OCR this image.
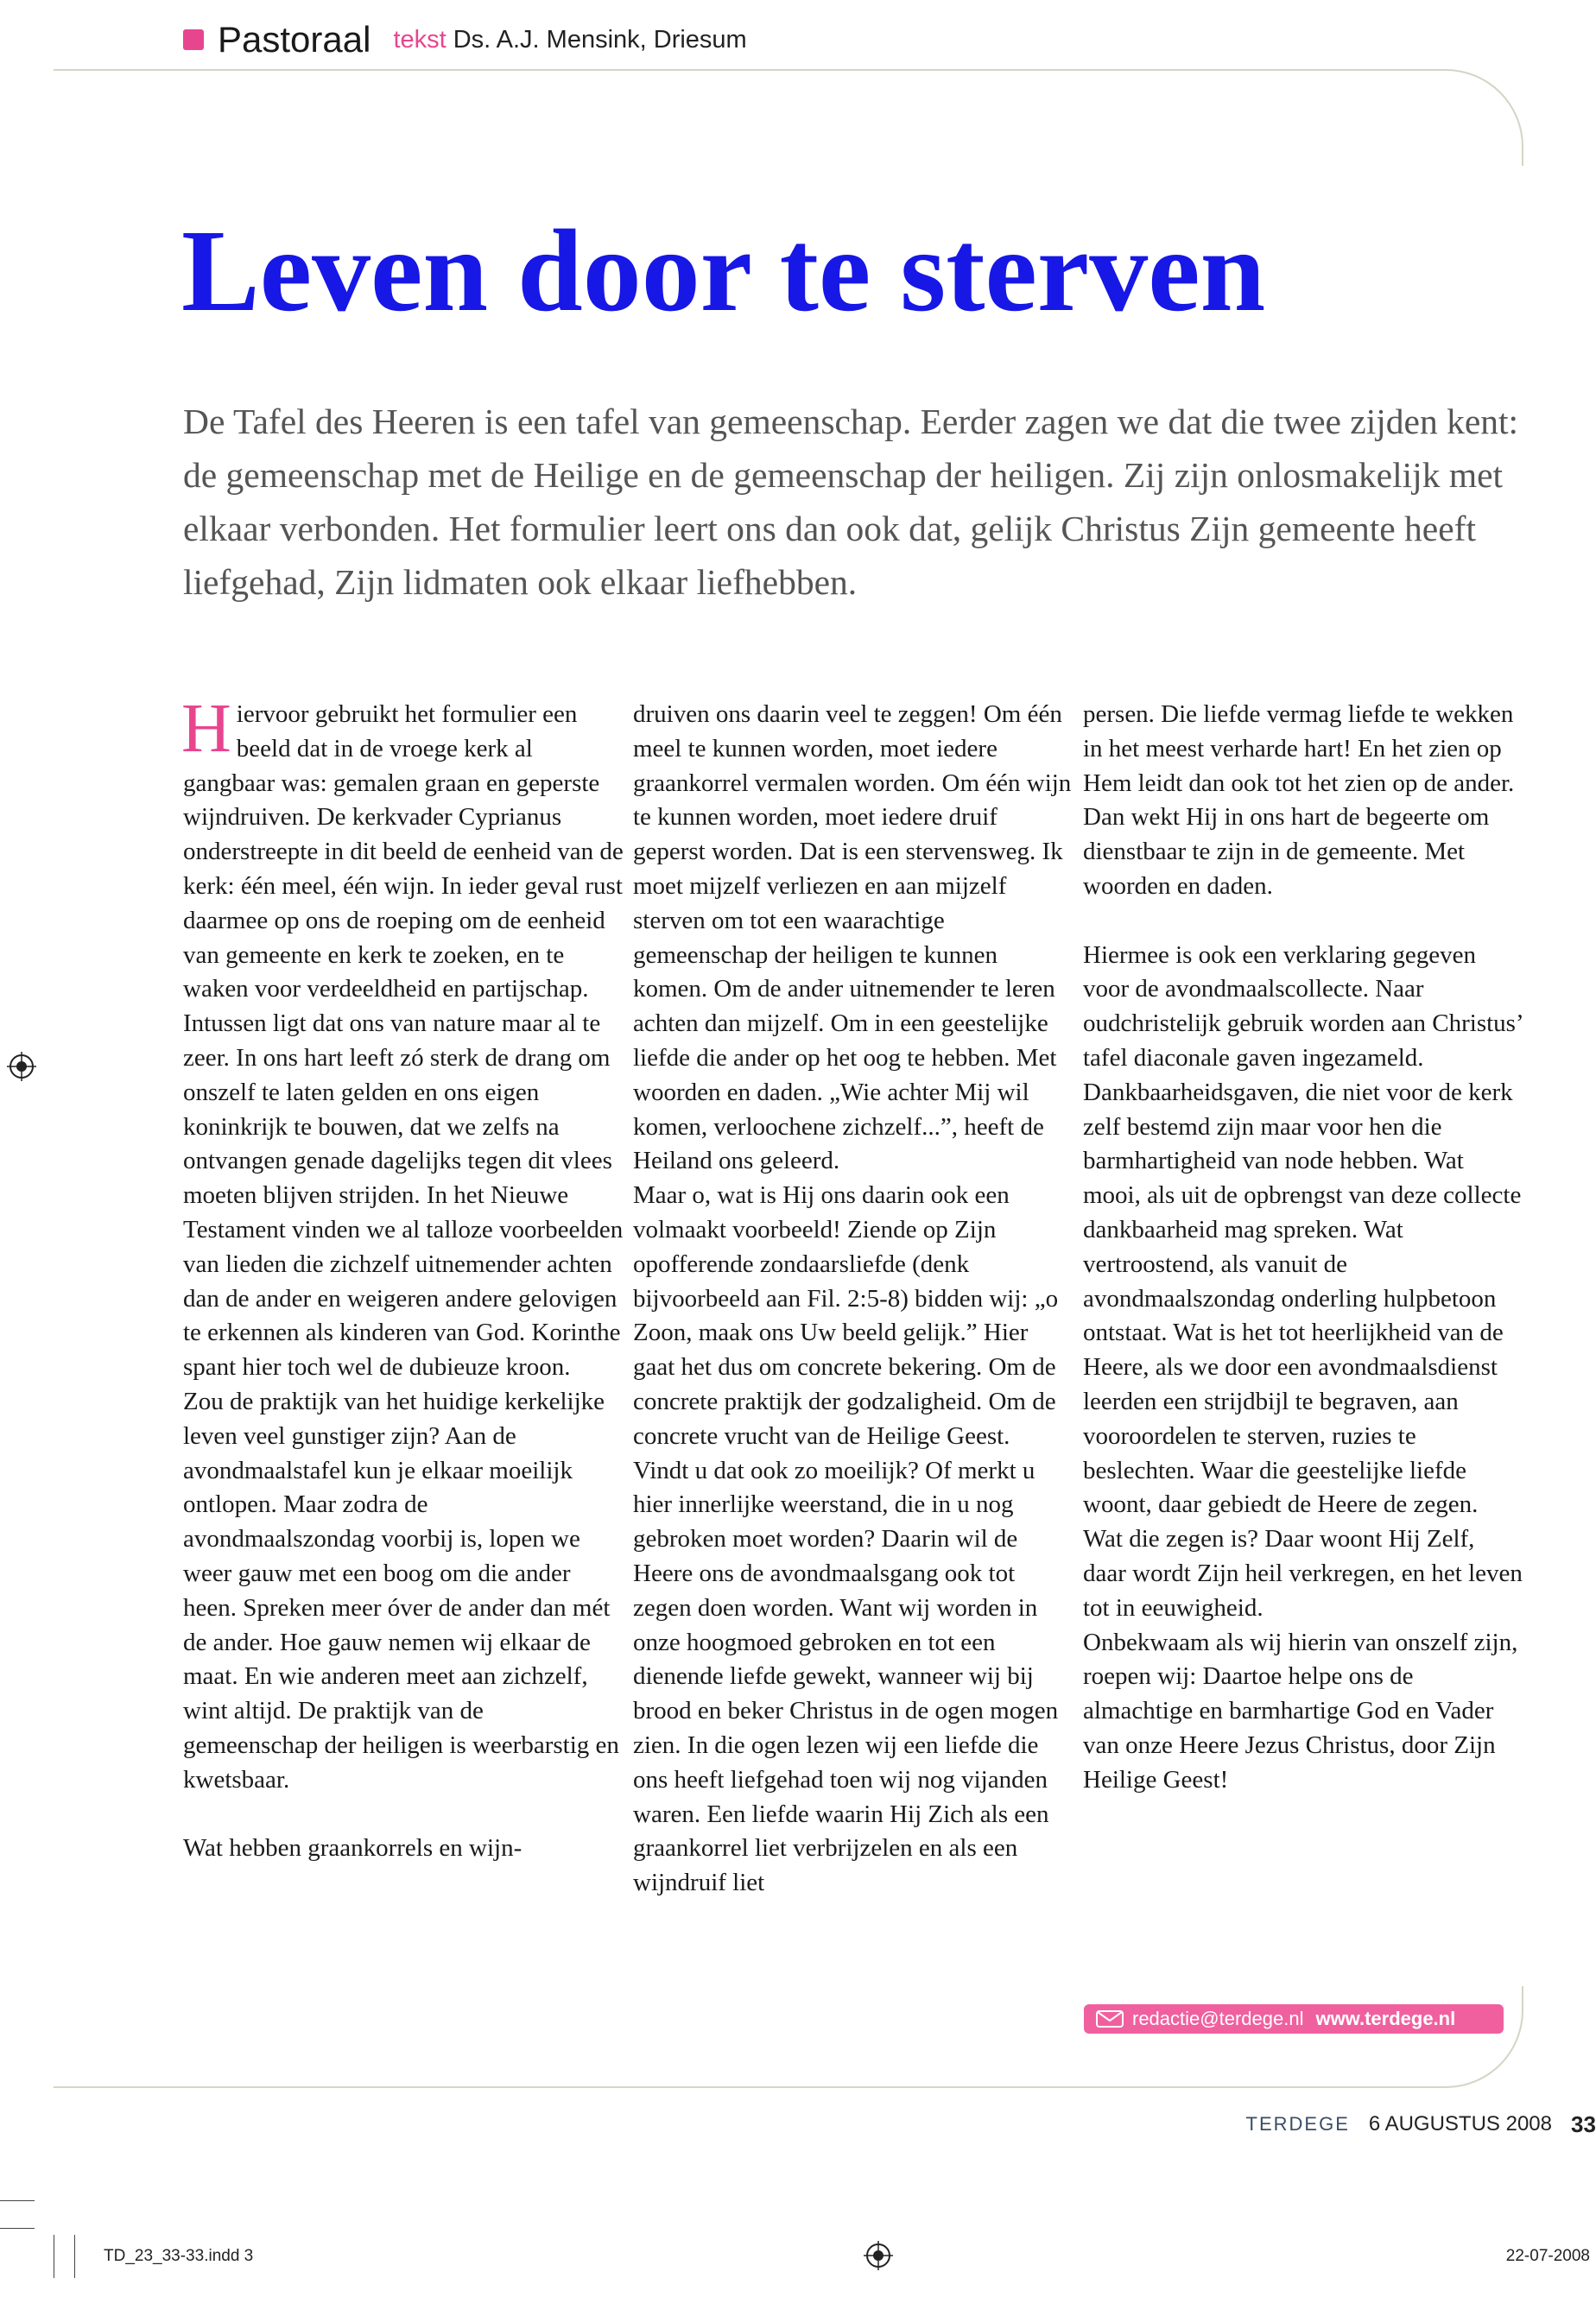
Pastoraal tekst Ds. A.J. Mensink, Driesum
Leven door te sterven

De Tafel des Heeren is een tafel van gemeenschap. Eerder zagen we dat die twee zijden kent: de gemeenschap met de Heilige en de gemeenschap der heiligen. Zij zijn onlosmakelijk met elkaar verbonden. Het formulier leert ons dan ook dat, gelijk Christus Zijn gemeente heeft liefgehad, Zijn lidmaten ook elkaar liefhebben.

Hiervoor gebruikt het formulier een beeld dat in de vroege kerk al gangbaar was: gemalen graan en geperste wijndruiven. De kerkvader Cyprianus onderstreepte in dit beeld de eenheid van de kerk: één meel, één wijn. In ieder geval rust daarmee op ons de roeping om de eenheid van gemeente en kerk te zoeken, en te waken voor verdeeldheid en partijschap.

Intussen ligt dat ons van nature maar al te zeer. In ons hart leeft zó sterk de drang om onszelf te laten gelden en ons eigen koninkrijk te bouwen, dat we zelfs na ontvangen genade dagelijks tegen dit vlees moeten blijven strijden. In het Nieuwe Testament vinden we al talloze voorbeelden van lieden die zichzelf uitnemender achten dan de ander en weigeren andere gelovigen te erkennen als kinderen van God. Korinthe spant hier toch wel de dubieuze kroon.

Zou de praktijk van het huidige kerkelijke leven veel gunstiger zijn? Aan de avondmaalstafel kun je elkaar moeilijk ontlopen. Maar zodra de avondmaalszondag voorbij is, lopen we weer gauw met een boog om die ander heen. Spreken meer óver de ander dan mét de ander. Hoe gauw nemen wij elkaar de maat. En wie anderen meet aan zichzelf, wint altijd. De praktijk van de gemeenschap der heiligen is weerbarstig en kwetsbaar.

Wat hebben graankorrels en wijn-

druiven ons daarin veel te zeggen! Om één meel te kunnen worden, moet iedere graankorrel vermalen worden. Om één wijn te kunnen worden, moet iedere druif geperst worden. Dat is een stervensweg. Ik moet mijzelf verliezen en aan mijzelf sterven om tot een waarachtige gemeenschap der heiligen te kunnen komen. Om de ander uitnemender te leren achten dan mijzelf. Om in een geestelijke liefde die ander op het oog te hebben. Met woorden en daden. „Wie achter Mij wil komen, verloochene zichzelf...”, heeft de Heiland ons geleerd.

Maar o, wat is Hij ons daarin ook een volmaakt voorbeeld! Ziende op Zijn opofferende zondaarsliefde (denk bijvoorbeeld aan Fil. 2:5-8) bidden wij: „o Zoon, maak ons Uw beeld gelijk.” Hier gaat het dus om concrete bekering. Om de concrete praktijk der godzaligheid. Om de concrete vrucht van de Heilige Geest.

Vindt u dat ook zo moeilijk? Of merkt u hier innerlijke weerstand, die in u nog gebroken moet worden? Daarin wil de Heere ons de avondmaalsgang ook tot zegen doen worden. Want wij worden in onze hoogmoed gebroken en tot een dienende liefde gewekt, wanneer wij bij brood en beker Christus in de ogen mogen zien. In die ogen lezen wij een liefde die ons heeft liefgehad toen wij nog vijanden waren. Een liefde waarin Hij Zich als een graankorrel liet verbrijzelen en als een wijndruif liet

persen. Die liefde vermag liefde te wekken in het meest verharde hart! En het zien op Hem leidt dan ook tot het zien op de ander. Dan wekt Hij in ons hart de begeerte om dienstbaar te zijn in de gemeente. Met woorden en daden.

Hiermee is ook een verklaring gegeven voor de avondmaalscollecte. Naar oudchristelijk gebruik worden aan Christus’ tafel diaconale gaven ingezameld. Dankbaarheidsgaven, die niet voor de kerk zelf bestemd zijn maar voor hen die barmhartigheid van node hebben. Wat mooi, als uit de opbrengst van deze collecte dankbaarheid mag spreken. Wat vertroostend, als vanuit de avondmaalszondag onderling hulpbetoon ontstaat. Wat is het tot heerlijkheid van de Heere, als we door een avondmaalsdienst leerden een strijdbijl te begraven, aan vooroordelen te sterven, ruzies te beslechten. Waar die geestelijke liefde woont, daar gebiedt de Heere de zegen. Wat die zegen is? Daar woont Hij Zelf, daar wordt Zijn heil verkregen, en het leven tot in eeuwigheid.

Onbekwaam als wij hierin van onszelf zijn, roepen wij: Daartoe helpe ons de almachtige en barmhartige God en Vader van onze Heere Jezus Christus, door Zijn Heilige Geest!

redactie@terdege.nl www.terdege.nl
TERDEGE 6 AUGUSTUS 2008 33
TD_23_33-33.indd 3	22-07-2008
